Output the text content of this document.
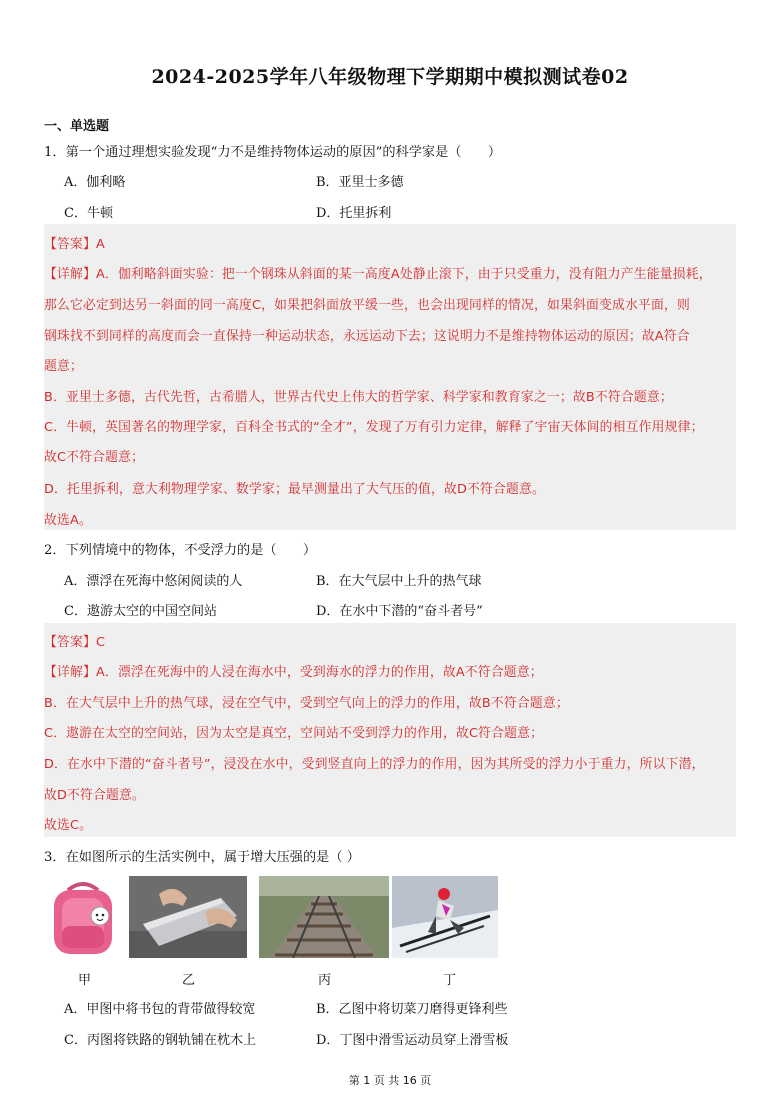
2024-2025学年八年级物理下学期期中模拟测试卷02
一、单选题
1．第一个通过理想实验发现“力不是维持物体运动的原因”的科学家是（　　）
A．伽利略	B．亚里士多德
C．牛顿	D．托里拆利
【答案】A
【详解】A．伽利略斜面实验：把一个钢珠从斜面的某一高度A处静止滚下，由于只受重力，没有阻力产生能量损耗，
那么它必定到达另一斜面的同一高度C，如果把斜面放平缓一些，也会出现同样的情况，如果斜面变成水平面，则
钢珠找不到同样的高度而会一直保持一种运动状态，永远运动下去；这说明力不是维持物体运动的原因；故A符合
题意；
B．亚里士多德，古代先哲，古希腊人，世界古代史上伟大的哲学家、科学家和教育家之一；故B不符合题意；
C．牛顿，英国著名的物理学家，百科全书式的“全才”，发现了万有引力定律，解释了宇宙天体间的相互作用规律；
故C不符合题意；
D．托里拆利，意大利物理学家、数学家；最早测量出了大气压的值，故D不符合题意。
故选A。
2．下列情境中的物体，不受浮力的是（　　）
A．漂浮在死海中悠闲阅读的人	B．在大气层中上升的热气球
C．遨游太空的中国空间站	D．在水中下潜的“奋斗者号”
【答案】C
【详解】A．漂浮在死海中的人浸在海水中，受到海水的浮力的作用，故A不符合题意；
B．在大气层中上升的热气球，浸在空气中，受到空气向上的浮力的作用，故B不符合题意；
C．遨游在太空的空间站，因为太空是真空，空间站不受到浮力的作用，故C符合题意；
D．在水中下潜的“奋斗者号”，浸没在水中，受到竖直向上的浮力的作用，因为其所受的浮力小于重力，所以下潜，
故D不符合题意。
故选C。
3．在如图所示的生活实例中，属于增大压强的是（ ）
甲	乙	丙	丁
A．甲图中将书包的背带做得较宽	B．乙图中将切菜刀磨得更锋利些
C．丙图将铁路的钢轨铺在枕木上	D．丁图中滑雪运动员穿上滑雪板
第 1 页 共 16 页
